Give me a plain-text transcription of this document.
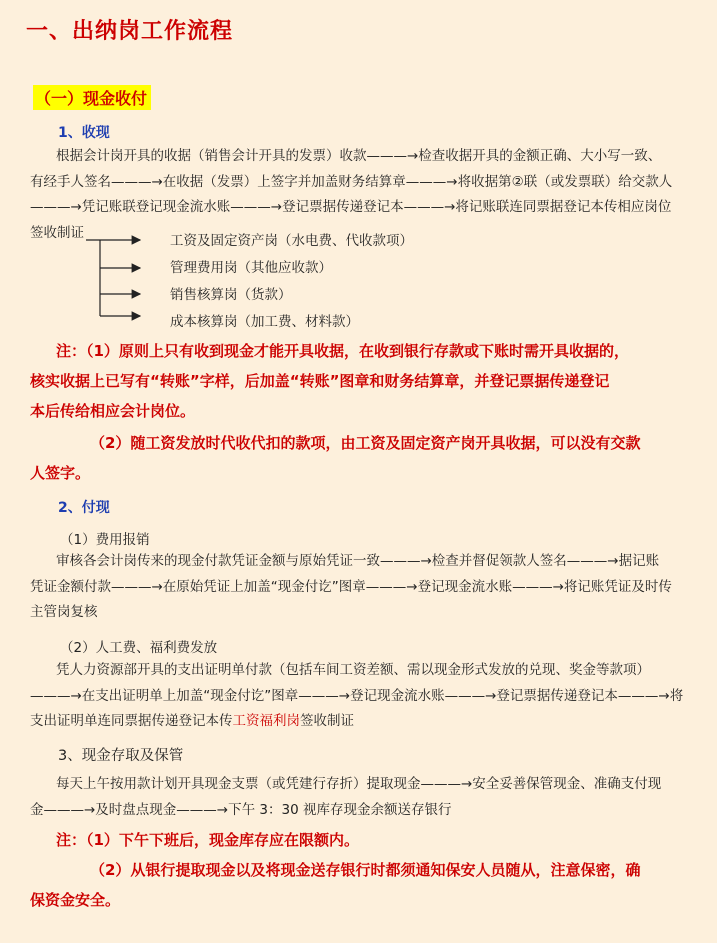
一、出纳岗工作流程
（一）现金收付
1、收现
根据会计岗开具的收据（销售会计开具的发票）收款———→检查收据开具的金额正确、大小写一致、
有经手人签名———→在收据（发票）上签字并加盖财务结算章———→将收据第②联（或发票联）给交款人
———→凭记账联登记现金流水账———→登记票据传递登记本———→将记账联连同票据登记本传相应岗位
签收制证
工资及固定资产岗（水电费、代收款项）
管理费用岗（其他应收款）
销售核算岗（货款）
成本核算岗（加工费、材料款）
注：（1）原则上只有收到现金才能开具收据，在收到银行存款或下账时需开具收据的，
核实收据上已写有“转账”字样，后加盖“转账”图章和财务结算章，并登记票据传递登记
本后传给相应会计岗位。
（2）随工资发放时代收代扣的款项，由工资及固定资产岗开具收据，可以没有交款
人签字。
2、付现
（1）费用报销
审核各会计岗传来的现金付款凭证金额与原始凭证一致———→检查并督促领款人签名———→据记账
凭证金额付款———→在原始凭证上加盖“现金付讫”图章———→登记现金流水账———→将记账凭证及时传
主管岗复核
（2）人工费、福利费发放
凭人力资源部开具的支出证明单付款（包括车间工资差额、需以现金形式发放的兑现、奖金等款项）
———→在支出证明单上加盖“现金付讫”图章———→登记现金流水账———→登记票据传递登记本———→将
支出证明单连同票据传递登记本传工资福利岗签收制证
3、现金存取及保管
每天上午按用款计划开具现金支票（或凭建行存折）提取现金———→安全妥善保管现金、准确支付现
金———→及时盘点现金———→下午 3：30 视库存现金余额送存银行
注：（1）下午下班后，现金库存应在限额内。
（2）从银行提取现金以及将现金送存银行时都须通知保安人员随从，注意保密，确
保资金安全。
